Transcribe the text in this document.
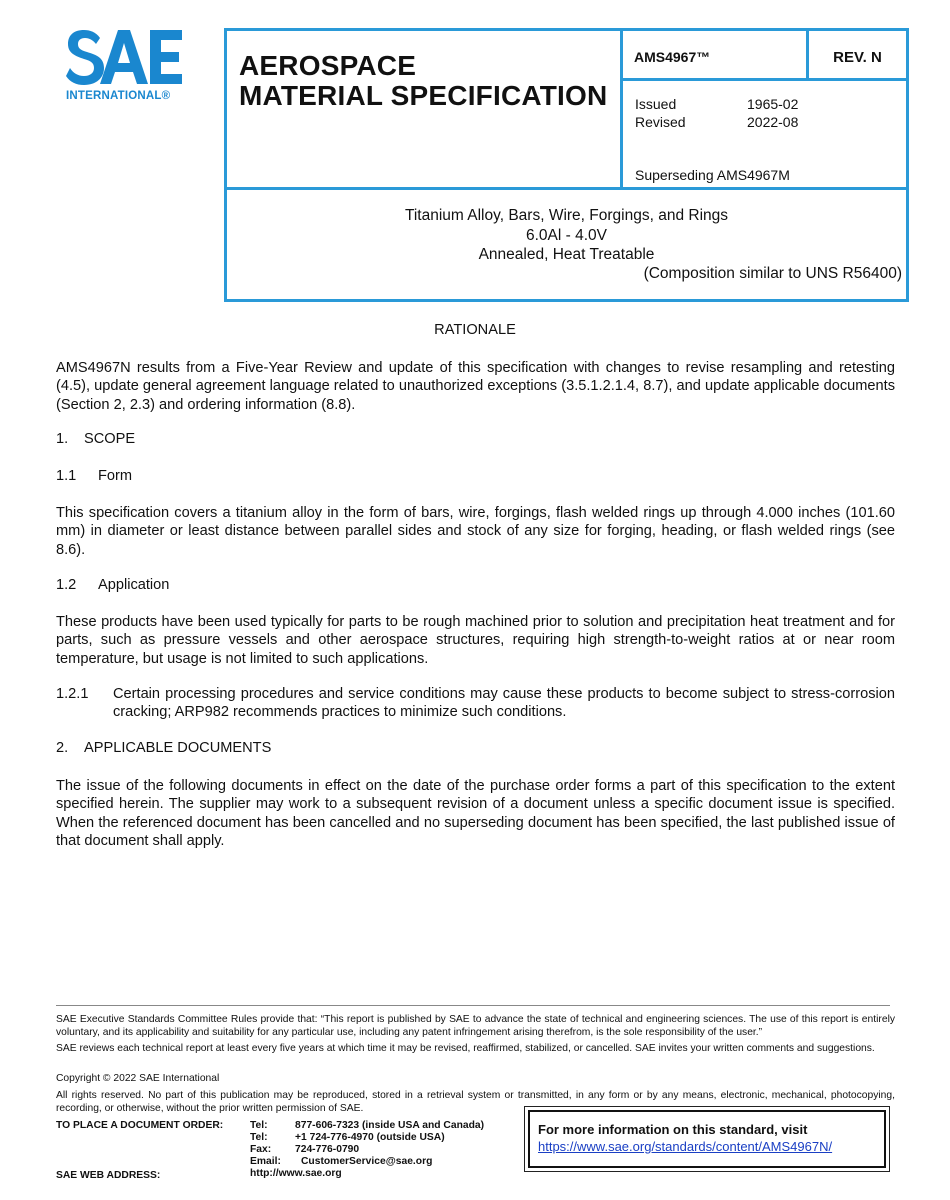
INTERNATIONAL®
AEROSPACE
MATERIAL SPECIFICATION
AMS4967™	REV. N
Issued	1965-02
Revised	2022-08
Superseding AMS4967M
Titanium Alloy, Bars, Wire, Forgings, and Rings
6.0Al - 4.0V
Annealed, Heat Treatable
(Composition similar to UNS R56400)
RATIONALE
AMS4967N results from a Five-Year Review and update of this specification with changes to revise resampling and retesting (4.5), update general agreement language related to unauthorized exceptions (3.5.1.2.1.4, 8.7), and update applicable documents (Section 2, 2.3) and ordering information (8.8).
1. SCOPE
1.1 Form
This specification covers a titanium alloy in the form of bars, wire, forgings, flash welded rings up through 4.000 inches (101.60 mm) in diameter or least distance between parallel sides and stock of any size for forging, heading, or flash welded rings (see 8.6).
1.2 Application
These products have been used typically for parts to be rough machined prior to solution and precipitation heat treatment and for parts, such as pressure vessels and other aerospace structures, requiring high strength-to-weight ratios at or near room temperature, but usage is not limited to such applications.
1.2.1 Certain processing procedures and service conditions may cause these products to become subject to stress-corrosion cracking; ARP982 recommends practices to minimize such conditions.
2. APPLICABLE DOCUMENTS
The issue of the following documents in effect on the date of the purchase order forms a part of this specification to the extent specified herein. The supplier may work to a subsequent revision of a document unless a specific document issue is specified. When the referenced document has been cancelled and no superseding document has been specified, the last published issue of that document shall apply.
SAE Executive Standards Committee Rules provide that: “This report is published by SAE to advance the state of technical and engineering sciences. The use of this report is entirely voluntary, and its applicability and suitability for any particular use, including any patent infringement arising therefrom, is the sole responsibility of the user.”
SAE reviews each technical report at least every five years at which time it may be revised, reaffirmed, stabilized, or cancelled. SAE invites your written comments and suggestions.
Copyright © 2022 SAE International
All rights reserved. No part of this publication may be reproduced, stored in a retrieval system or transmitted, in any form or by any means, electronic, mechanical, photocopying, recording, or otherwise, without the prior written permission of SAE.
TO PLACE A DOCUMENT ORDER:
SAE WEB ADDRESS:
Tel:	877-606-7323 (inside USA and Canada)
Tel:	+1 724-776-4970 (outside USA)
Fax:	724-776-0790
Email:	CustomerService@sae.org
http://www.sae.org
For more information on this standard, visit
https://www.sae.org/standards/content/AMS4967N/
